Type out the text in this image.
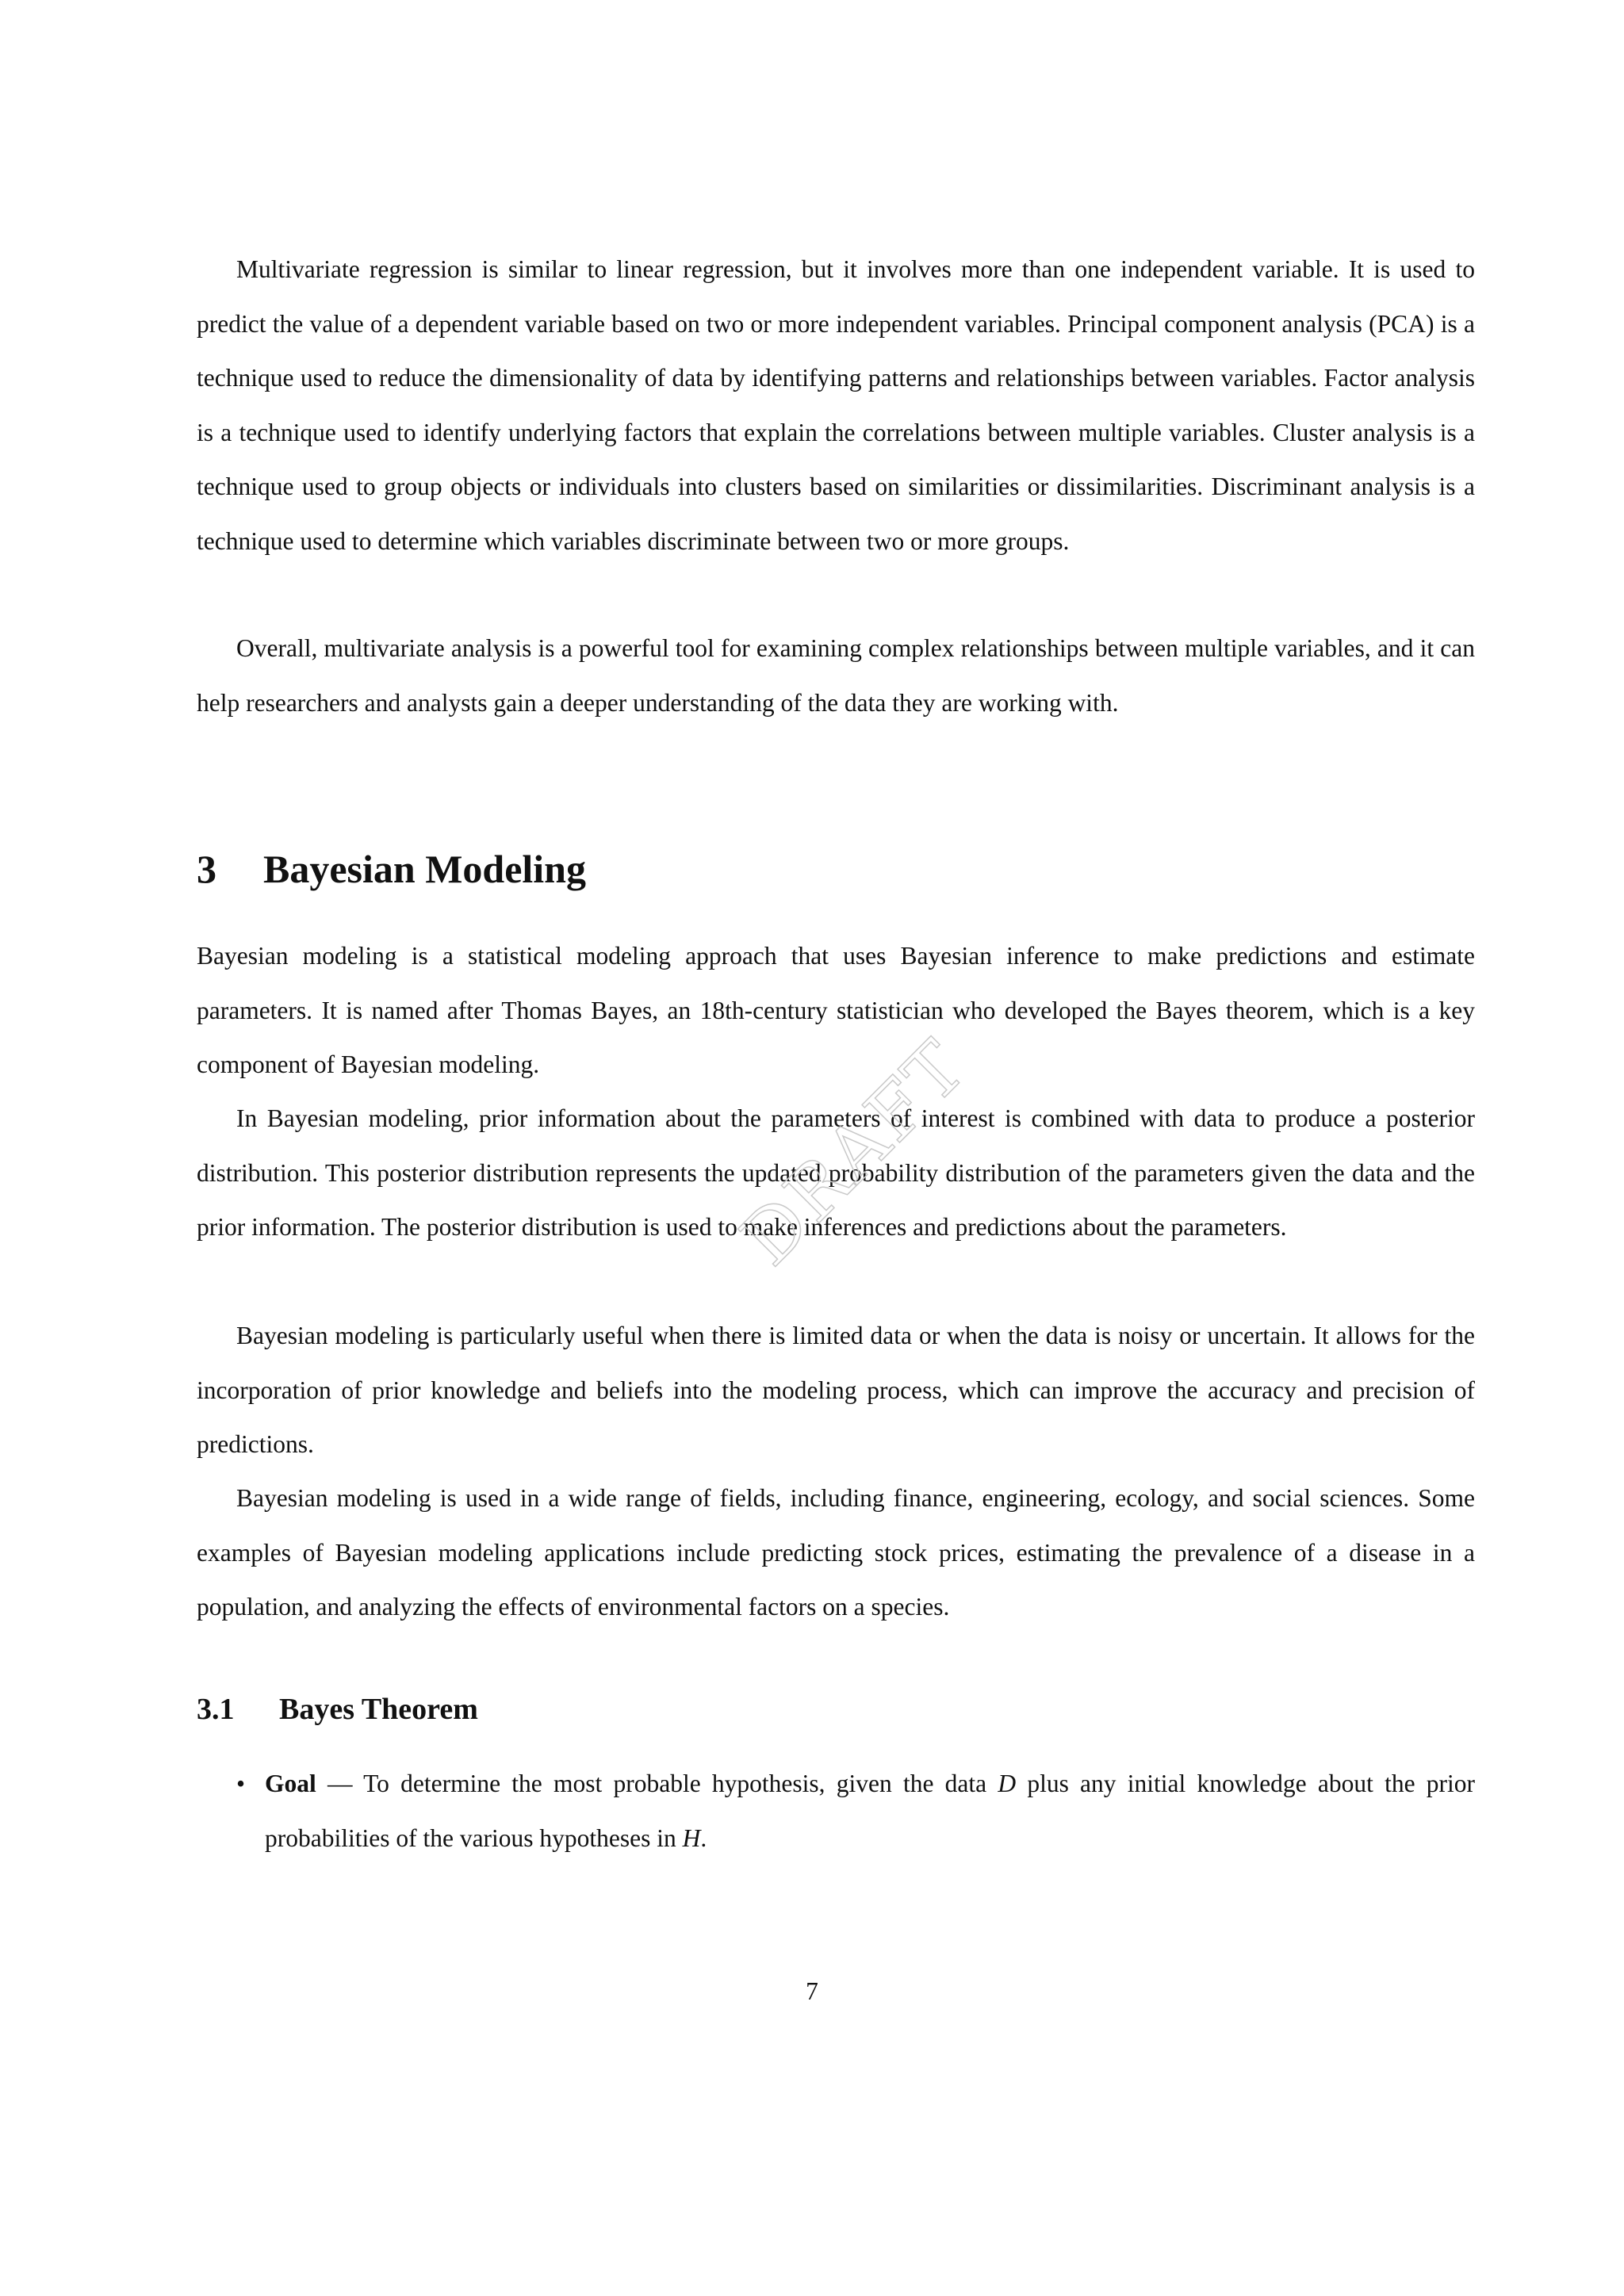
Multivariate regression is similar to linear regression, but it involves more than one independent variable. It is used to predict the value of a dependent variable based on two or more independent variables. Principal component analysis (PCA) is a technique used to reduce the dimensionality of data by identifying patterns and relationships between variables. Factor analysis is a technique used to identify underlying factors that explain the correlations between multiple variables. Cluster analysis is a technique used to group objects or individuals into clusters based on similarities or dissimilarities. Discriminant analysis is a technique used to determine which variables discriminate between two or more groups.

Overall, multivariate analysis is a powerful tool for examining complex relationships between multiple variables, and it can help researchers and analysts gain a deeper understanding of the data they are working with.

3 Bayesian Modeling

Bayesian modeling is a statistical modeling approach that uses Bayesian inference to make predictions and estimate parameters. It is named after Thomas Bayes, an 18th-century statistician who developed the Bayes theorem, which is a key component of Bayesian modeling.

In Bayesian modeling, prior information about the parameters of interest is combined with data to produce a posterior distribution. This posterior distribution represents the updated probability distribution of the parameters given the data and the prior information. The posterior distribution is used to make inferences and predictions about the parameters.

Bayesian modeling is particularly useful when there is limited data or when the data is noisy or uncertain. It allows for the incorporation of prior knowledge and beliefs into the modeling process, which can improve the accuracy and precision of predictions.

Bayesian modeling is used in a wide range of fields, including finance, engineering, ecology, and social sciences. Some examples of Bayesian modeling applications include predicting stock prices, estimating the prevalence of a disease in a population, and analyzing the effects of environmental factors on a species.

3.1 Bayes Theorem
• Goal — To determine the most probable hypothesis, given the data D plus any initial knowledge about the prior probabilities of the various hypotheses in H.
DRAFT
7
